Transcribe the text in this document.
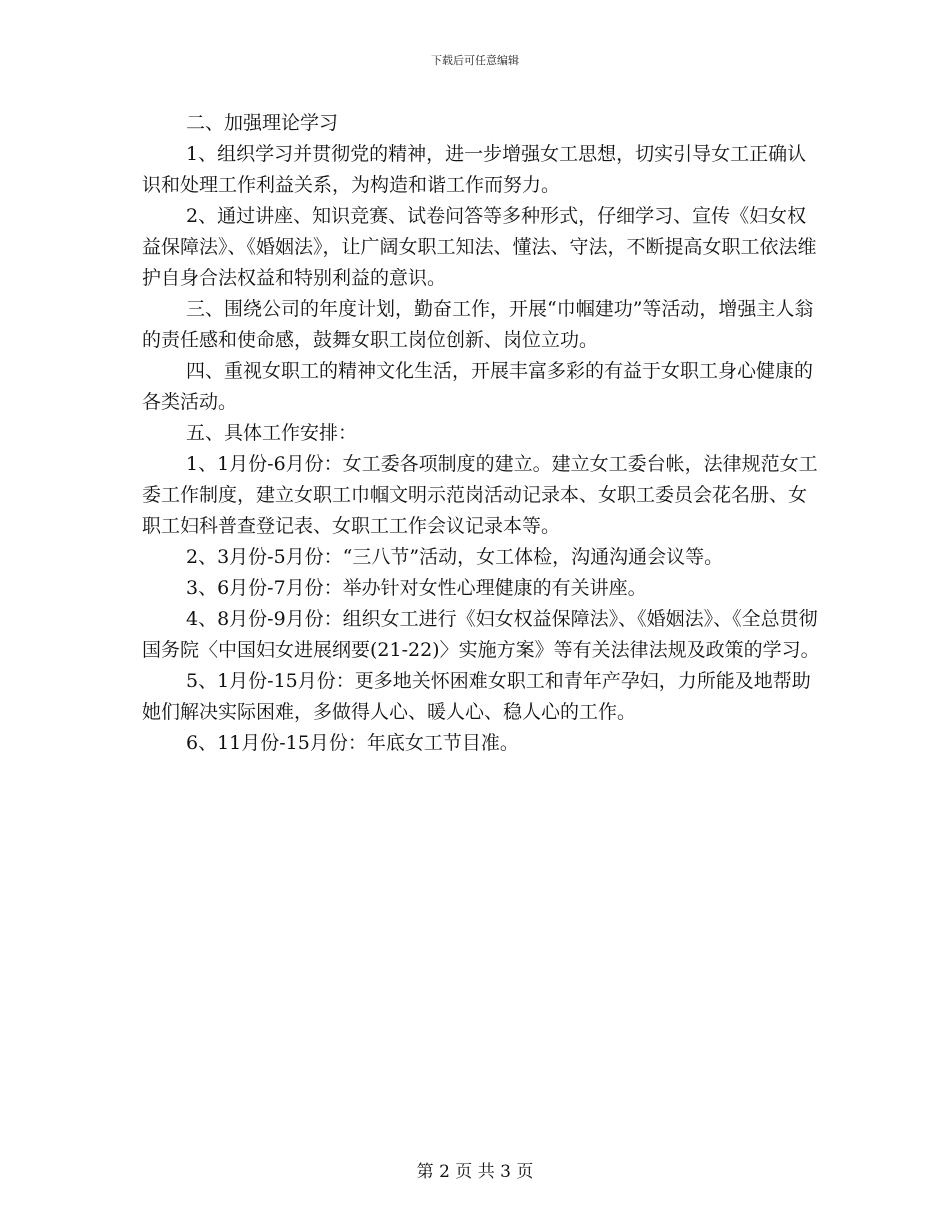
下载后可任意编辑

二、加强理论学习

1、组织学习并贯彻党的精神，进一步增强女工思想，切实引导女工正确认识和处理工作利益关系，为构造和谐工作而努力。

2、通过讲座、知识竞赛、试卷问答等多种形式，仔细学习、宣传《妇女权益保障法》、《婚姻法》，让广阔女职工知法、懂法、守法，不断提高女职工依法维护自身合法权益和特别利益的意识。

三、围绕公司的年度计划，勤奋工作，开展“巾帼建功”等活动，增强主人翁的责任感和使命感，鼓舞女职工岗位创新、岗位立功。

四、重视女职工的精神文化生活，开展丰富多彩的有益于女职工身心健康的各类活动。

五、具体工作安排：

1、1月份-6月份：女工委各项制度的建立。建立女工委台帐，法律规范女工委工作制度，建立女职工巾帼文明示范岗活动记录本、女职工委员会花名册、女职工妇科普查登记表、女职工工作会议记录本等。

2、3月份-5月份：“三八节”活动，女工体检，沟通沟通会议等。

3、6月份-7月份：举办针对女性心理健康的有关讲座。

4、8月份-9月份：组织女工进行《妇女权益保障法》、《婚姻法》、《全总贯彻国务院〈中国妇女进展纲要(21-22)〉实施方案》等有关法律法规及政策的学习。

5、1月份-15月份：更多地关怀困难女职工和青年产孕妇，力所能及地帮助她们解决实际困难，多做得人心、暖人心、稳人心的工作。

6、11月份-15月份：年底女工节目准。

第 2 页 共 3 页
